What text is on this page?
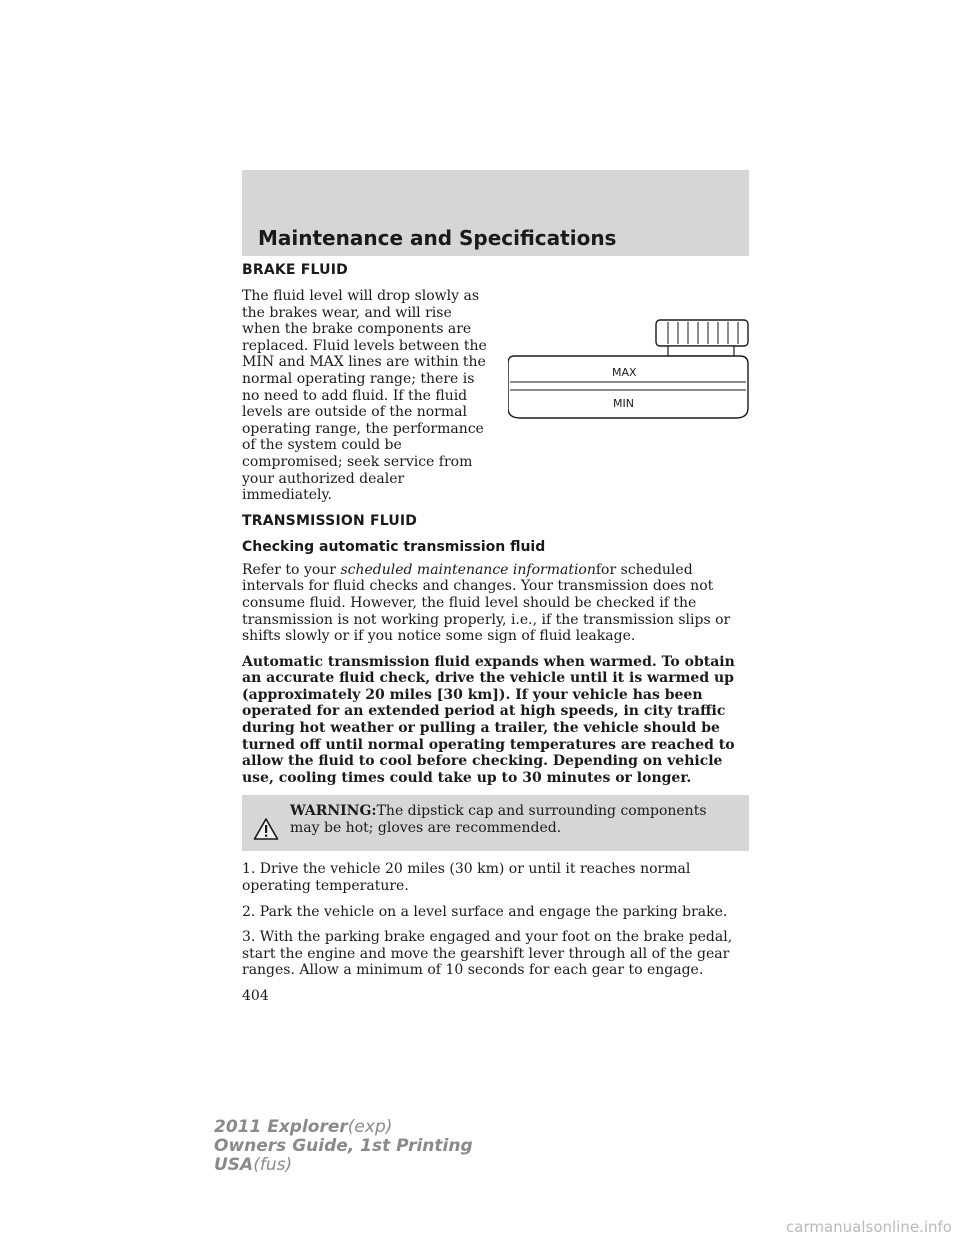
Maintenance and Specifications
BRAKE FLUID

The fluid level will drop slowly as the brakes wear, and will rise when the brake components are replaced. Fluid levels between the MIN and MAX lines are within the normal operating range; there is no need to add fluid. If the fluid levels are outside of the normal operating range, the performance of the system could be compromised; seek service from your authorized dealer immediately.

MAX
MIN
TRANSMISSION FLUID
Checking automatic transmission fluid

Refer to your scheduled maintenance informationfor scheduled intervals for fluid checks and changes. Your transmission does not consume fluid. However, the fluid level should be checked if the transmission is not working properly, i.e., if the transmission slips or shifts slowly or if you notice some sign of fluid leakage.

Automatic transmission fluid expands when warmed. To obtain an accurate fluid check, drive the vehicle until it is warmed up (approximately 20 miles [30 km]). If your vehicle has been operated for an extended period at high speeds, in city traffic during hot weather or pulling a trailer, the vehicle should be turned off until normal operating temperatures are reached to allow the fluid to cool before checking. Depending on vehicle use, cooling times could take up to 30 minutes or longer.

WARNING:The dipstick cap and surrounding components may be hot; gloves are recommended.

1. Drive the vehicle 20 miles (30 km) or until it reaches normal operating temperature.

2. Park the vehicle on a level surface and engage the parking brake.

3. With the parking brake engaged and your foot on the brake pedal, start the engine and move the gearshift lever through all of the gear ranges. Allow a minimum of 10 seconds for each gear to engage.

404
2011 Explorer(exp)
Owners Guide, 1st Printing
USA(fus)
carmanualsonline.info
